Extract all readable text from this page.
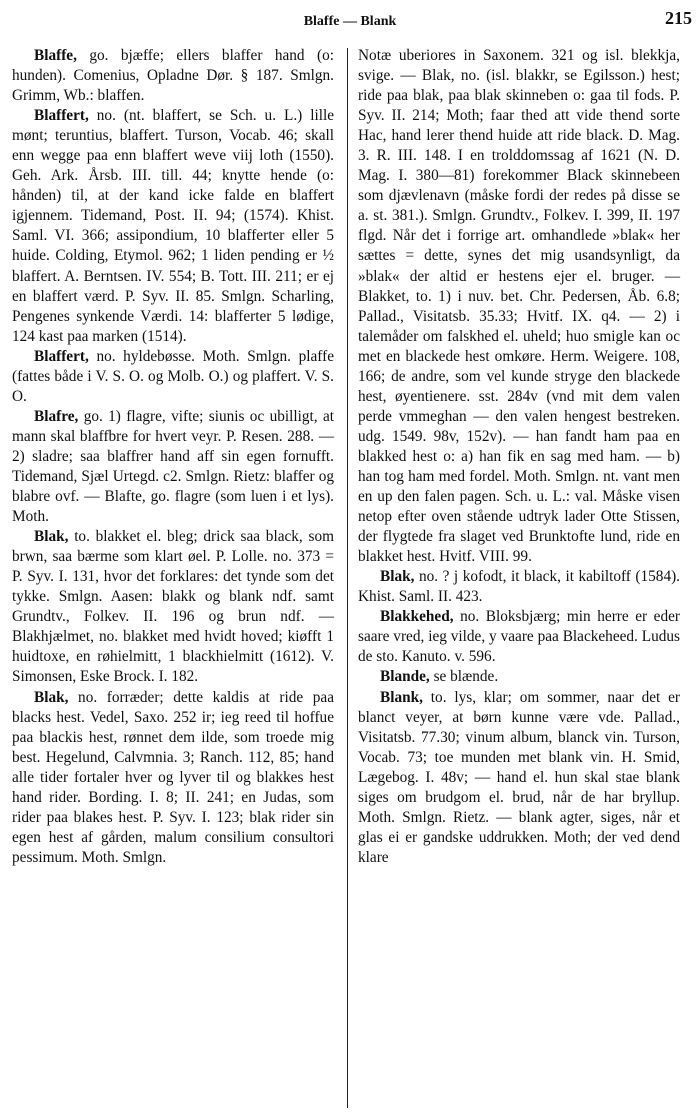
Blaffe — Blank	215

Blaffe, go. bjæffe; ellers blaffer hand (o: hunden). Comenius, Opladne Dør. § 187. Smlgn. Grimm, Wb.: blaffen.

Blaffert, no. (nt. blaffert, se Sch. u. L.) lille mønt; teruntius, blaffert. Turson, Vocab. 46; skall enn wegge paa enn blaffert weve viij loth (1550). Geh. Ark. Årsb. III. till. 44; knytte hende (o: hånden) til, at der kand icke falde en blaffert igjennem. Tidemand, Post. II. 94; (1574). Khist. Saml. VI. 366; assipondium, 10 blafferter eller 5 huide. Colding, Etymol. 962; 1 liden pending er ½ blaffert. A. Berntsen. IV. 554; B. Tott. III. 211; er ej en blaffert værd. P. Syv. II. 85. Smlgn. Scharling, Pengenes synkende Værdi. 14: blafferter 5 lødige, 124 kast paa marken (1514).

Blaffert, no. hyldebøsse. Moth. Smlgn. plaffe (fattes både i V. S. O. og Molb. O.) og plaffert. V. S. O.

Blafre, go. 1) flagre, vifte; siunis oc ubilligt, at mann skal blaffbre for hvert veyr. P. Resen. 288. — 2) sladre; saa blaffrer hand aff sin egen fornufft. Tidemand, Sjæl Urtegd. c2. Smlgn. Rietz: blaffer og blabre ovf. — Blafte, go. flagre (som luen i et lys). Moth.

Blak, to. blakket el. bleg; drick saa black, som brwn, saa bærme som klart øel. P. Lolle. no. 373 = P. Syv. I. 131, hvor det forklares: det tynde som det tykke. Smlgn. Aasen: blakk og blank ndf. samt Grundtv., Folkev. II. 196 og brun ndf. — Blakhjælmet, no. blakket med hvidt hoved; kiøfft 1 huidtoxe, en røhielmitt, 1 blackhielmitt (1612). V. Simonsen, Eske Brock. I. 182.

Blak, no. forræder; dette kaldis at ride paa blacks hest. Vedel, Saxo. 252 ir; ieg reed til hoffue paa blackis hest, rønnet dem ilde, som troede mig best. Hegelund, Calvmnia. 3; Ranch. 112, 85; hand alle tider fortaler hver og lyver til og blakkes hest hand rider. Bording. I. 8; II. 241; en Judas, som rider paa blakes hest. P. Syv. I. 123; blak rider sin egen hest af gården, malum consilium consultori pessimum. Moth. Smlgn.

Notæ uberiores in Saxonem. 321 og isl. blekkja, svige. — Blak, no. (isl. blakkr, se Egilsson.) hest; ride paa blak, paa blak skinneben o: gaa til fods. P. Syv. II. 214; Moth; faar thed att vide thend sorte Hac, hand lerer thend huide att ride black. D. Mag. 3. R. III. 148. I en trolddomssag af 1621 (N. D. Mag. I. 380—81) forekommer Black skinnebeen som djævlenavn (måske fordi der redes på disse se a. st. 381.). Smlgn. Grundtv., Folkev. I. 399, II. 197 flgd. Når det i forrige art. omhandlede »blak« her sættes = dette, synes det mig usandsynligt, da »blak« der altid er hestens ejer el. bruger. — Blakket, to. 1) i nuv. bet. Chr. Pedersen, Åb. 6.8; Pallad., Visitatsb. 35.33; Hvitf. IX. q4. — 2) i talemåder om falskhed el. uheld; huo smigle kan oc met en blackede hest omkøre. Herm. Weigere. 108, 166; de andre, som vel kunde stryge den blackede hest, øyentienere. sst. 284v (vnd mit dem valen perde vmmeghan — den valen hengest bestreken. udg. 1549. 98v, 152v). — han fandt ham paa en blakked hest o: a) han fik en sag med ham. — b) han tog ham med fordel. Moth. Smlgn. nt. vant men en up den falen pagen. Sch. u. L.: val. Måske visen netop efter oven stående udtryk lader Otte Stissen, der flygtede fra slaget ved Brunktofte lund, ride en blakket hest. Hvitf. VIII. 99.

Blak, no. ? j kofodt, it black, it kabiltoff (1584). Khist. Saml. II. 423.

Blakkehed, no. Bloksbjærg; min herre er eder saare vred, ieg vilde, y vaare paa Blackeheed. Ludus de sto. Kanuto. v. 596.

Blande, se blænde.

Blank, to. lys, klar; om sommer, naar det er blanct veyer, at børn kunne være vde. Pallad., Visitatsb. 77.30; vinum album, blanck vin. Turson, Vocab. 73; toe munden met blank vin. H. Smid, Lægebog. I. 48v; — hand el. hun skal stae blank siges om brudgom el. brud, når de har bryllup. Moth. Smlgn. Rietz. — blank agter, siges, når et glas ei er gandske uddrukken. Moth; der ved dend klare
